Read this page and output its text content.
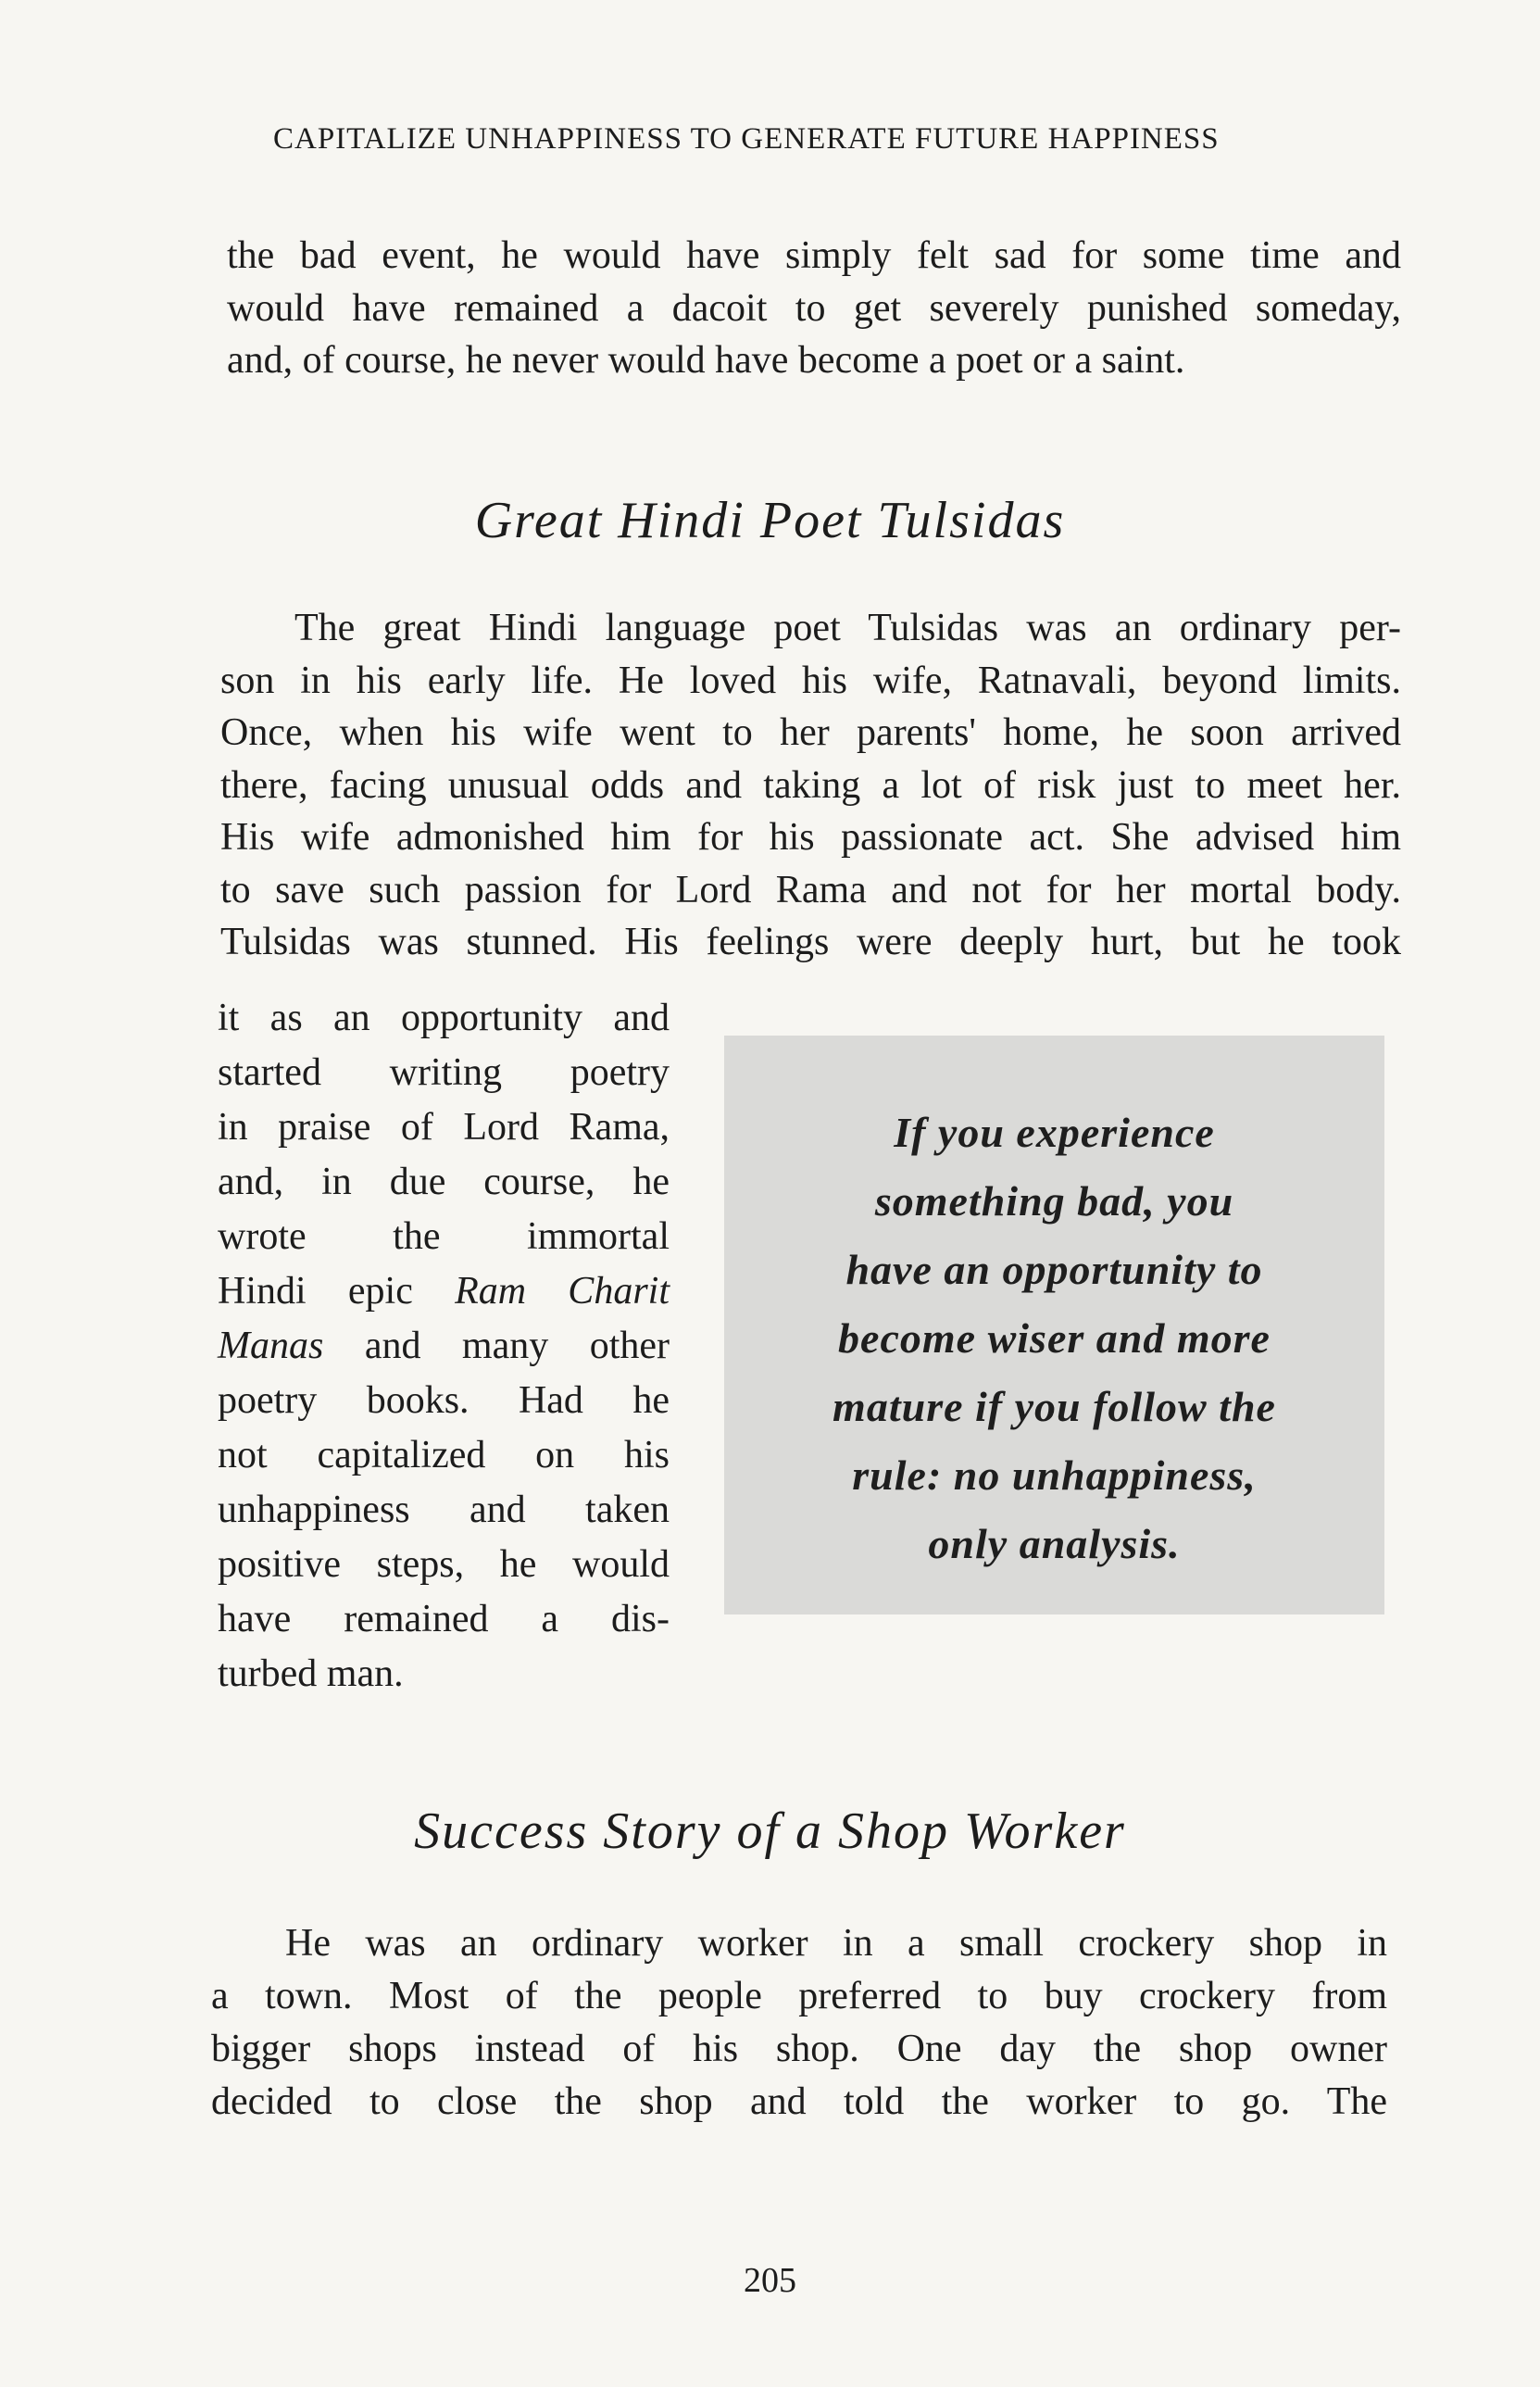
CAPITALIZE UNHAPPINESS TO GENERATE FUTURE HAPPINESS
the bad event, he would have simply felt sad for some time and
would have remained a dacoit to get severely punished someday,
and, of course, he never would have become a poet or a saint.
Great Hindi Poet Tulsidas
The great Hindi language poet Tulsidas was an ordinary per-
son in his early life. He loved his wife, Ratnavali, beyond limits.
Once, when his wife went to her parents' home, he soon arrived
there, facing unusual odds and taking a lot of risk just to meet her.
His wife admonished him for his passionate act. She advised him
to save such passion for Lord Rama and not for her mortal body.
Tulsidas was stunned. His feelings were deeply hurt, but he took
it as an opportunity and
started writing poetry
in praise of Lord Rama,
and, in due course, he
wrote the immortal
Hindi epic Ram Charit
Manas and many other
poetry books. Had he
not capitalized on his
unhappiness and taken
positive steps, he would
have remained a dis-
turbed man.
If you experience
something bad, you
have an opportunity to
become wiser and more
mature if you follow the
rule: no unhappiness,
only analysis.
Success Story of a Shop Worker
He was an ordinary worker in a small crockery shop in
a town. Most of the people preferred to buy crockery from
bigger shops instead of his shop. One day the shop owner
decided to close the shop and told the worker to go. The
205
